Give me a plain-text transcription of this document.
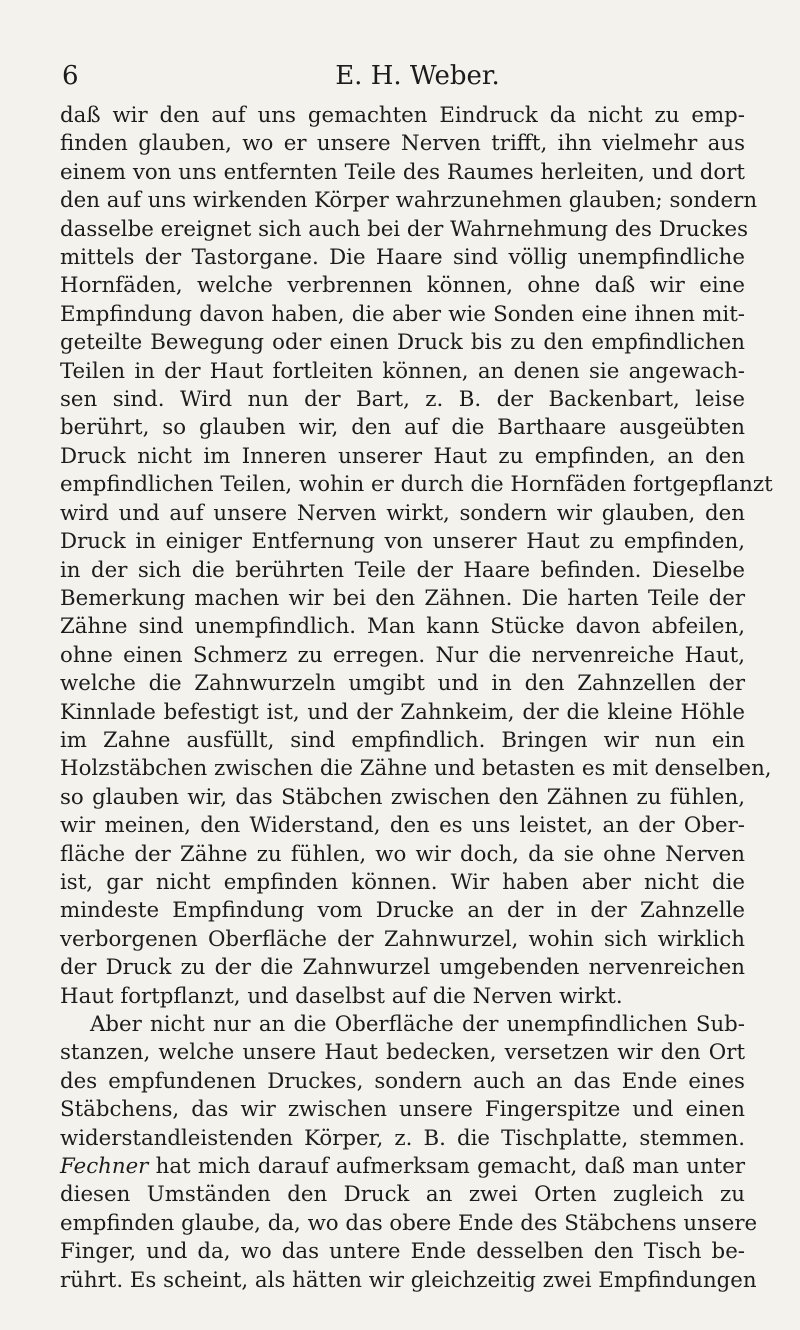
6	E. H. Weber.

daß wir den auf uns gemachten Eindruck da nicht zu emp-
finden glauben, wo er unsere Nerven trifft, ihn vielmehr aus
einem von uns entfernten Teile des Raumes herleiten, und dort
den auf uns wirkenden Körper wahrzunehmen glauben; sondern
dasselbe ereignet sich auch bei der Wahrnehmung des Druckes
mittels der Tastorgane. Die Haare sind völlig unempfindliche
Hornfäden, welche verbrennen können, ohne daß wir eine
Empfindung davon haben, die aber wie Sonden eine ihnen mit-
geteilte Bewegung oder einen Druck bis zu den empfindlichen
Teilen in der Haut fortleiten können, an denen sie angewach-
sen sind. Wird nun der Bart, z. B. der Backenbart, leise
berührt, so glauben wir, den auf die Barthaare ausgeübten
Druck nicht im Inneren unserer Haut zu empfinden, an den
empfindlichen Teilen, wohin er durch die Hornfäden fortgepflanzt
wird und auf unsere Nerven wirkt, sondern wir glauben, den
Druck in einiger Entfernung von unserer Haut zu empfinden,
in der sich die berührten Teile der Haare befinden. Dieselbe
Bemerkung machen wir bei den Zähnen. Die harten Teile der
Zähne sind unempfindlich. Man kann Stücke davon abfeilen,
ohne einen Schmerz zu erregen. Nur die nervenreiche Haut,
welche die Zahnwurzeln umgibt und in den Zahnzellen der
Kinnlade befestigt ist, und der Zahnkeim, der die kleine Höhle
im Zahne ausfüllt, sind empfindlich. Bringen wir nun ein
Holzstäbchen zwischen die Zähne und betasten es mit denselben,
so glauben wir, das Stäbchen zwischen den Zähnen zu fühlen,
wir meinen, den Widerstand, den es uns leistet, an der Ober-
fläche der Zähne zu fühlen, wo wir doch, da sie ohne Nerven
ist, gar nicht empfinden können. Wir haben aber nicht die
mindeste Empfindung vom Drucke an der in der Zahnzelle
verborgenen Oberfläche der Zahnwurzel, wohin sich wirklich
der Druck zu der die Zahnwurzel umgebenden nervenreichen
Haut fortpflanzt, und daselbst auf die Nerven wirkt.

Aber nicht nur an die Oberfläche der unempfindlichen Sub-
stanzen, welche unsere Haut bedecken, versetzen wir den Ort
des empfundenen Druckes, sondern auch an das Ende eines
Stäbchens, das wir zwischen unsere Fingerspitze und einen
widerstandleistenden Körper, z. B. die Tischplatte, stemmen.
Fechner hat mich darauf aufmerksam gemacht, daß man unter
diesen Umständen den Druck an zwei Orten zugleich zu
empfinden glaube, da, wo das obere Ende des Stäbchens unsere
Finger, und da, wo das untere Ende desselben den Tisch be-
rührt. Es scheint, als hätten wir gleichzeitig zwei Empfindungen
